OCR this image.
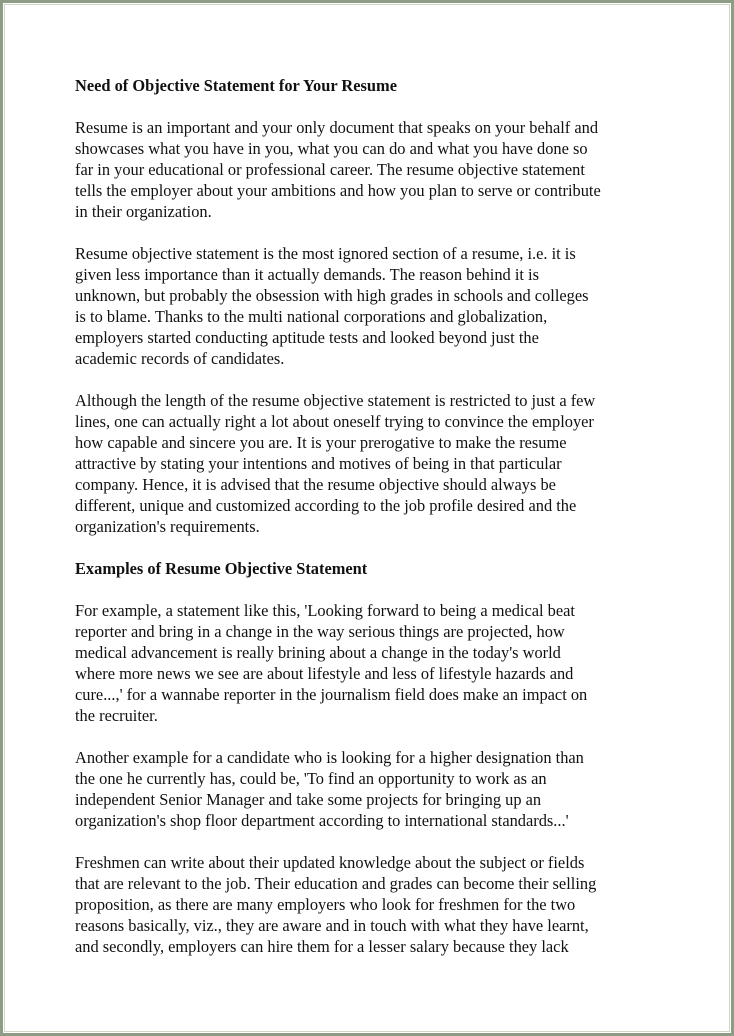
Need of Objective Statement for Your Resume

Resume is an important and your only document that speaks on your behalf and
showcases what you have in you, what you can do and what you have done so
far in your educational or professional career. The resume objective statement
tells the employer about your ambitions and how you plan to serve or contribute
in their organization.

Resume objective statement is the most ignored section of a resume, i.e. it is
given less importance than it actually demands. The reason behind it is
unknown, but probably the obsession with high grades in schools and colleges
is to blame. Thanks to the multi national corporations and globalization,
employers started conducting aptitude tests and looked beyond just the
academic records of candidates.

Although the length of the resume objective statement is restricted to just a few
lines, one can actually right a lot about oneself trying to convince the employer
how capable and sincere you are. It is your prerogative to make the resume
attractive by stating your intentions and motives of being in that particular
company. Hence, it is advised that the resume objective should always be
different, unique and customized according to the job profile desired and the
organization's requirements.

Examples of Resume Objective Statement

For example, a statement like this, 'Looking forward to being a medical beat
reporter and bring in a change in the way serious things are projected, how
medical advancement is really brining about a change in the today's world
where more news we see are about lifestyle and less of lifestyle hazards and
cure...,' for a wannabe reporter in the journalism field does make an impact on
the recruiter.

Another example for a candidate who is looking for a higher designation than
the one he currently has, could be, 'To find an opportunity to work as an
independent Senior Manager and take some projects for bringing up an
organization's shop floor department according to international standards...'

Freshmen can write about their updated knowledge about the subject or fields
that are relevant to the job. Their education and grades can become their selling
proposition, as there are many employers who look for freshmen for the two
reasons basically, viz., they are aware and in touch with what they have learnt,
and secondly, employers can hire them for a lesser salary because they lack
